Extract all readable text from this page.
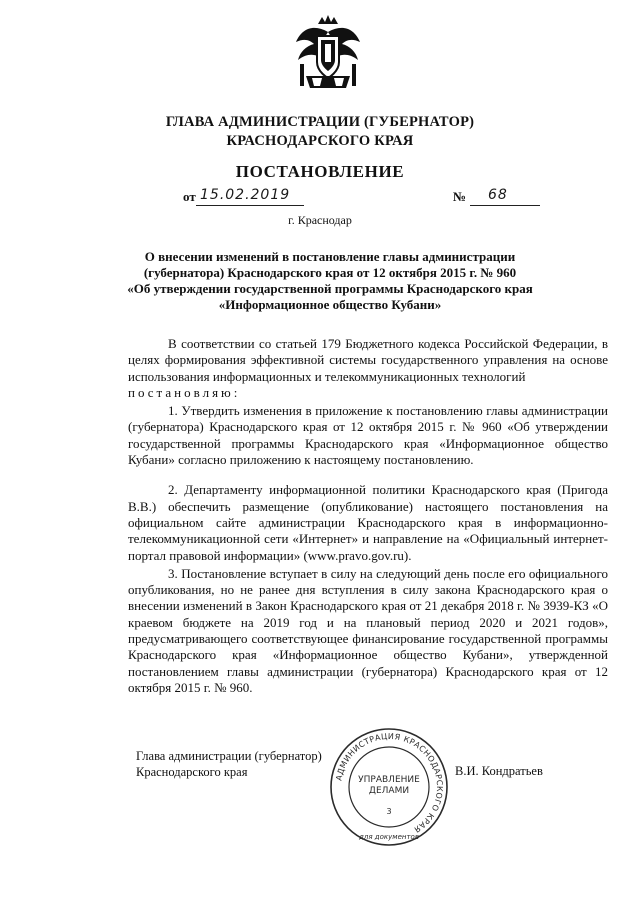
ГЛАВА АДМИНИСТРАЦИИ (ГУБЕРНАТОР)
КРАСНОДАРСКОГО КРАЯ
ПОСТАНОВЛЕНИЕ
от 15.02.2019	№ 68
г. Краснодар
О внесении изменений в постановление главы администрации
(губернатора) Краснодарского края от 12 октября 2015 г. № 960
«Об утверждении государственной программы Краснодарского края
«Информационное общество Кубани»

В соответствии со статьей 179 Бюджетного кодекса Российской Федерации, в целях формирования эффективной системы государственного управления на основе использования информационных и телекоммуникационных технологий

постановляю:

1. Утвердить изменения в приложение к постановлению главы администрации (губернатора) Краснодарского края от 12 октября 2015 г. № 960 «Об утверждении государственной программы Краснодарского края «Информационное общество Кубани» согласно приложению к настоящему постановлению.

2. Департаменту информационной политики Краснодарского края (Пригода В.В.) обеспечить размещение (опубликование) настоящего постановления на официальном сайте администрации Краснодарского края в информационно-телекоммуникационной сети «Интернет» и направление на «Официальный интернет-портал правовой информации» (www.pravo.gov.ru).

3. Постановление вступает в силу на следующий день после его официального опубликования, но не ранее дня вступления в силу закона Краснодарского края о внесении изменений в Закон Краснодарского края от 21 декабря 2018 г. № 3939-КЗ «О краевом бюджете на 2019 год и на плановый период 2020 и 2021 годов», предусматривающего соответствующее финансирование государственной программы Краснодарского края «Информационное общество Кубани», утвержденной постановлением главы администрации (губернатора) Краснодарского края от 12 октября 2015 г. № 960.

Глава администрации (губернатор)
Краснодарского края	В.И. Кондратьев
АДМИНИСТРАЦИЯ КРАСНОДАРСКОГО КРАЯ
УПРАВЛЕНИЕ
ДЕЛАМИ
3
для документов
